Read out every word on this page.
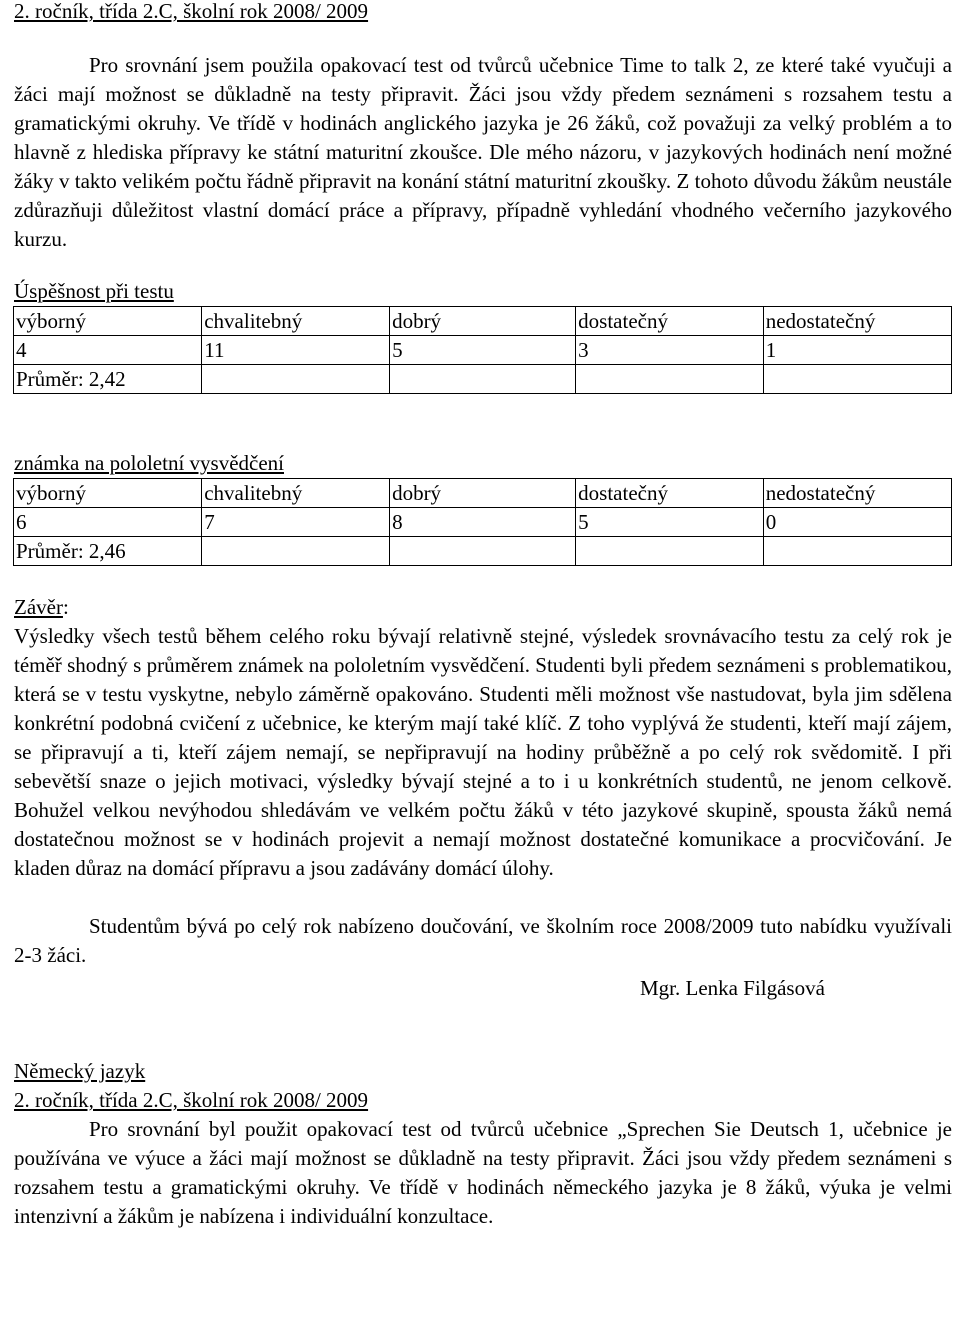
2. ročník, třída 2.C, školní rok 2008/ 2009

Pro srovnání jsem použila opakovací test od tvůrců učebnice Time to talk 2, ze které také vyučuji a žáci mají možnost se důkladně na testy připravit. Žáci jsou vždy předem seznámeni s rozsahem testu a gramatickými okruhy. Ve třídě v hodinách anglického jazyka je 26 žáků, což považuji za velký problém a to hlavně z hlediska přípravy ke státní maturitní zkoušce. Dle mého názoru, v jazykových hodinách není možné žáky v takto velikém počtu řádně připravit na konání státní maturitní zkoušky. Z tohoto důvodu žákům neustále zdůrazňuji důležitost vlastní domácí práce a přípravy, případně vyhledání vhodného večerního jazykového kurzu.

Úspěšnost při testu
výborný	chvalitebný	dobrý	dostatečný	nedostatečný
4	11	5	3	1
Průměr: 2,42				
známka na pololetní vysvědčení
výborný	chvalitebný	dobrý	dostatečný	nedostatečný
6	7	8	5	0
Průměr: 2,46				
Závěr:

Výsledky všech testů během celého roku bývají relativně stejné, výsledek srovnávacího testu za celý rok je téměř shodný s průměrem známek na pololetním vysvědčení. Studenti byli předem seznámeni s problematikou, která se v testu vyskytne, nebylo záměrně opakováno. Studenti měli možnost vše nastudovat, byla jim sdělena konkrétní podobná cvičení z učebnice, ke kterým mají také klíč. Z toho vyplývá že studenti, kteří mají zájem, se připravují a ti, kteří zájem nemají, se nepřipravují na hodiny průběžně a po celý rok svědomitě. I při sebevětší snaze o jejich motivaci, výsledky bývají stejné a to i u konkrétních studentů, ne jenom celkově. Bohužel velkou nevýhodou shledávám ve velkém počtu žáků v této jazykové skupině, spousta žáků nemá dostatečnou možnost se v hodinách projevit a nemají možnost dostatečné komunikace a procvičování. Je kladen důraz na domácí přípravu a jsou zadávány domácí úlohy.

Studentům bývá po celý rok nabízeno doučování, ve školním roce 2008/2009 tuto nabídku využívali 2-3 žáci.

Mgr. Lenka Filgásová
Německý jazyk
2. ročník, třída 2.C, školní rok 2008/ 2009

Pro srovnání byl použit opakovací test od tvůrců učebnice „Sprechen Sie Deutsch 1, učebnice je používána ve výuce a žáci mají možnost se důkladně na testy připravit. Žáci jsou vždy předem seznámeni s rozsahem testu a gramatickými okruhy. Ve třídě v hodinách německého jazyka je 8 žáků, výuka je velmi intenzivní a žákům je nabízena i individuální konzultace.
